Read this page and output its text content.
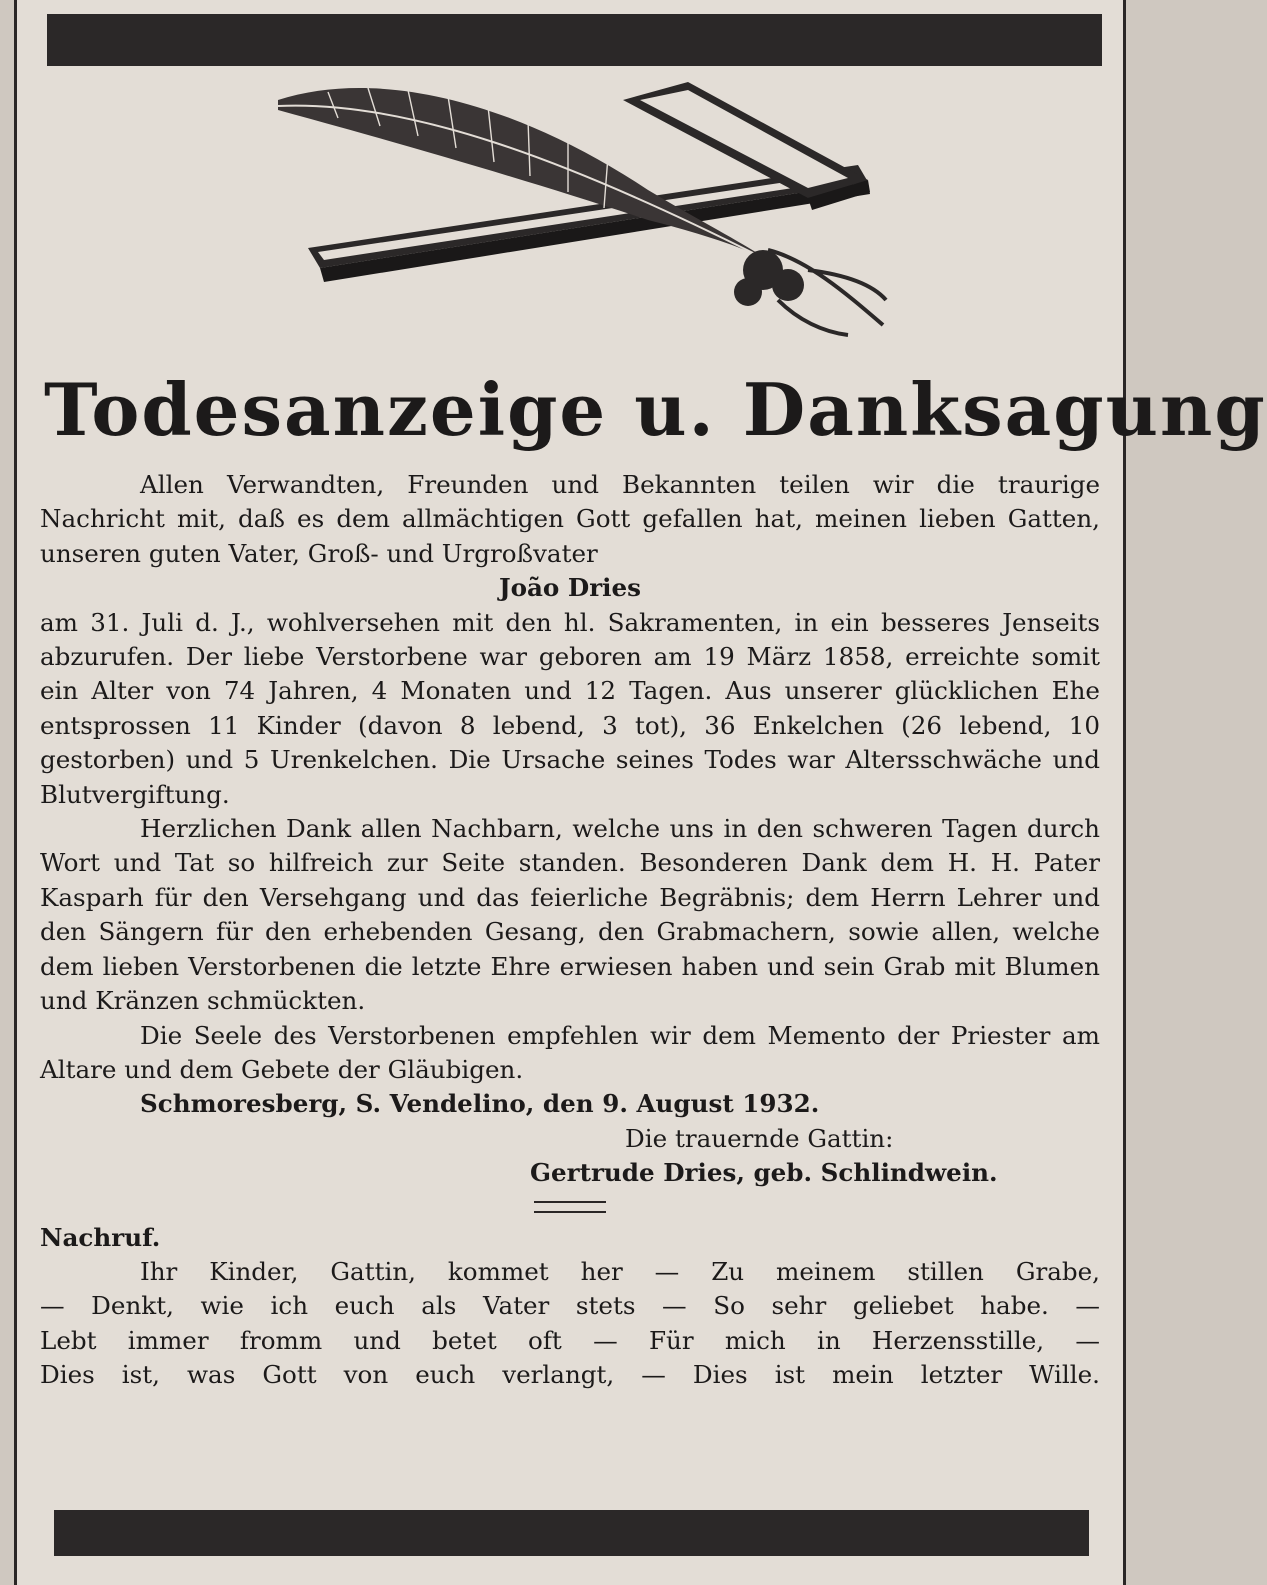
Todesanzeige u. Danksagung

Allen Verwandten, Freunden und Bekannten teilen wir die traurige Nachricht mit, daß es dem allmächtigen Gott gefallen hat, meinen lieben Gatten, unseren guten Vater, Groß- und Urgroßvater

João Dries

am 31. Juli d. J., wohlversehen mit den hl. Sakramenten, in ein besseres Jenseits abzurufen. Der liebe Verstorbene war geboren am 19 März 1858, erreichte somit ein Alter von 74 Jahren, 4 Monaten und 12 Tagen. Aus unserer glücklichen Ehe entsprossen 11 Kinder (davon 8 lebend, 3 tot), 36 Enkelchen (26 lebend, 10 gestorben) und 5 Urenkelchen. Die Ursache seines Todes war Altersschwäche und Blutvergiftung.

Herzlichen Dank allen Nachbarn, welche uns in den schweren Tagen durch Wort und Tat so hilfreich zur Seite standen. Besonderen Dank dem H. H. Pater Kasparh für den Versehgang und das feierliche Begräbnis; dem Herrn Lehrer und den Sängern für den erhebenden Gesang, den Grabmachern, sowie allen, welche dem lieben Verstorbenen die letzte Ehre erwiesen haben und sein Grab mit Blumen und Kränzen schmückten.

Die Seele des Verstorbenen empfehlen wir dem Memento der Priester am Altare und dem Gebete der Gläubigen.

Schmoresberg, S. Vendelino, den 9. August 1932.

Die trauernde Gattin:

Gertrude Dries, geb. Schlindwein.

Nachruf.

Ihr Kinder, Gattin, kommet her — Zu meinem stillen Grabe,

— Denkt, wie ich euch als Vater stets — So sehr geliebet habe. —

Lebt immer fromm und betet oft — Für mich in Herzensstille, —

Dies ist, was Gott von euch verlangt, — Dies ist mein letzter Wille.
